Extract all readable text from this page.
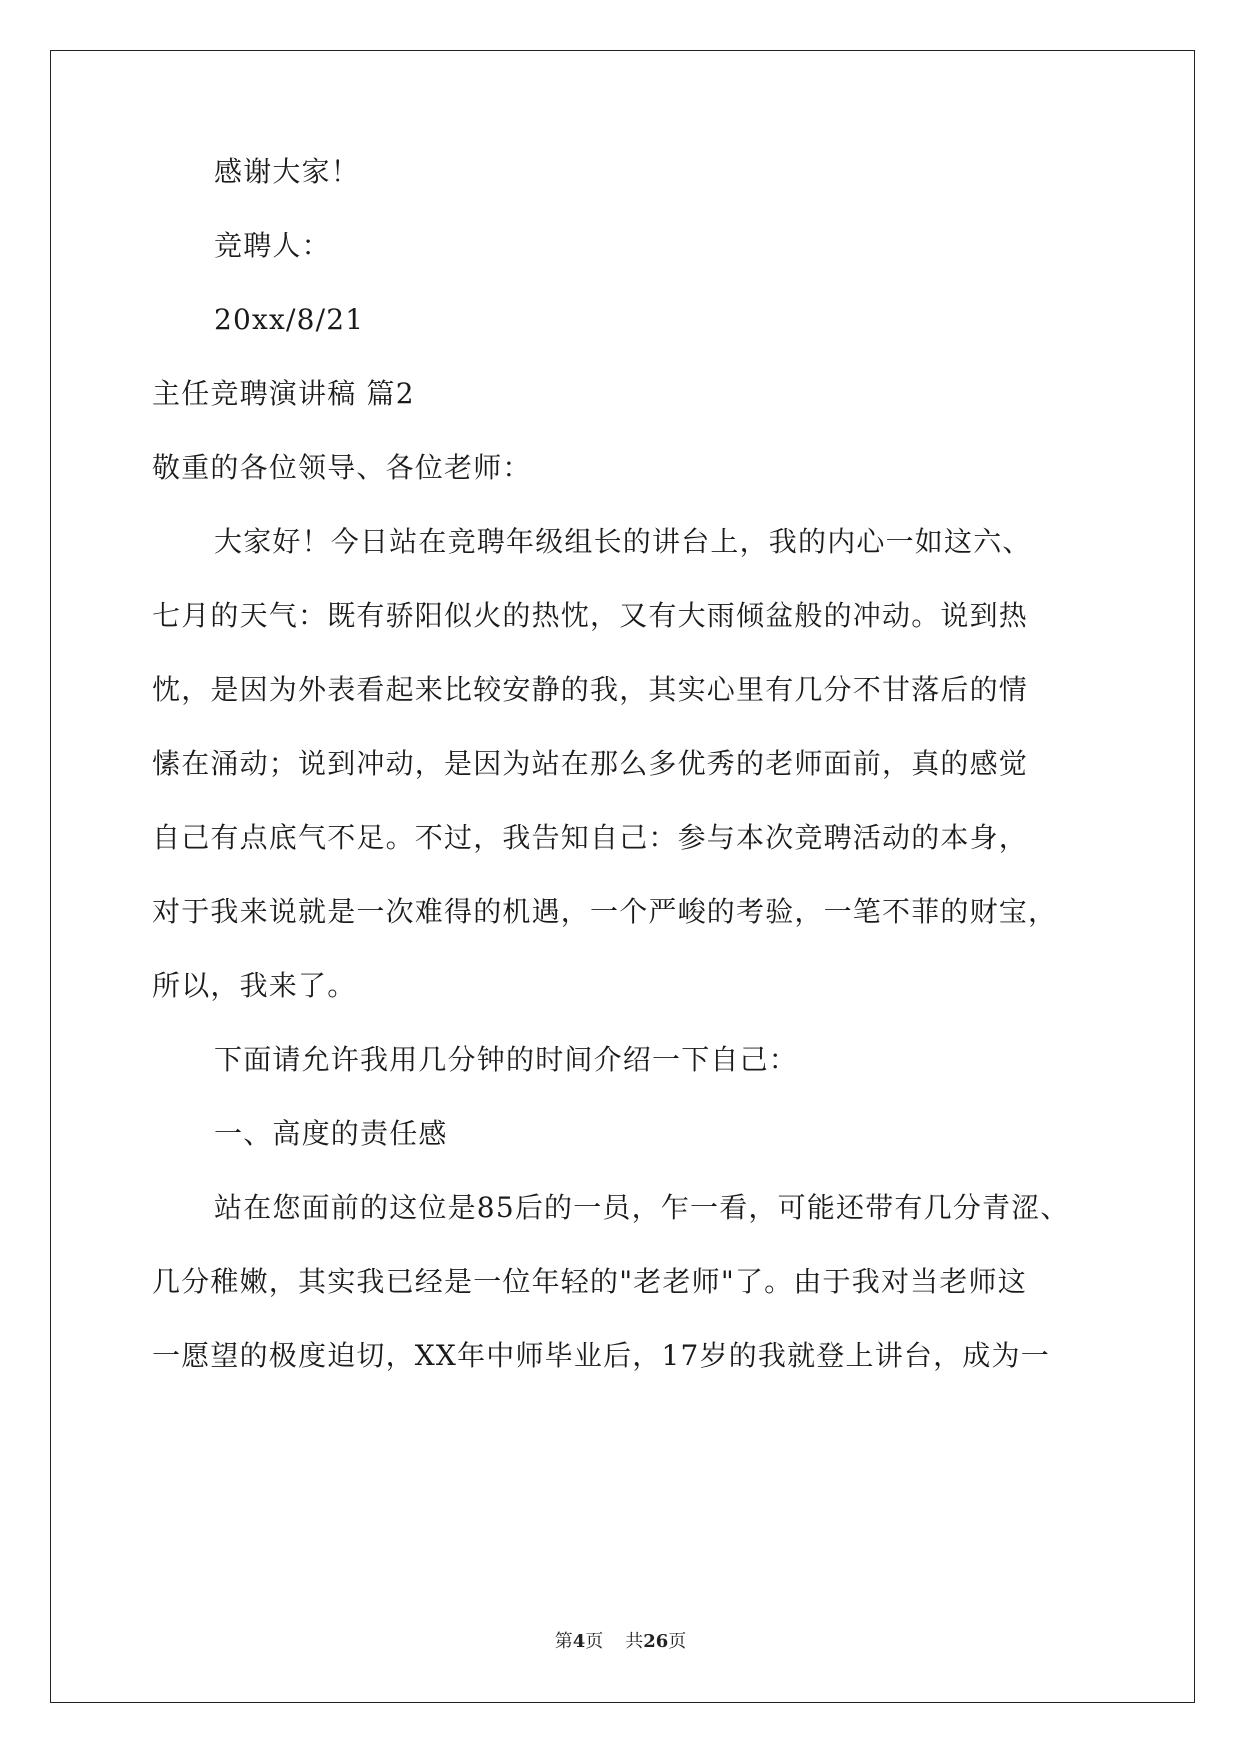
感谢大家！
竞聘人：
20xx/8/21
主任竞聘演讲稿 篇2
敬重的各位领导、各位老师：
大家好！今日站在竞聘年级组长的讲台上，我的内心一如这六、
七月的天气：既有骄阳似火的热忱，又有大雨倾盆般的冲动。说到热
忱，是因为外表看起来比较安静的我，其实心里有几分不甘落后的情
愫在涌动；说到冲动，是因为站在那么多优秀的老师面前，真的感觉
自己有点底气不足。不过，我告知自己：参与本次竞聘活动的本身，
对于我来说就是一次难得的机遇，一个严峻的考验，一笔不菲的财宝，
所以，我来了。
下面请允许我用几分钟的时间介绍一下自己：
一、高度的责任感
站在您面前的这位是85后的一员，乍一看，可能还带有几分青涩、
几分稚嫩，其实我已经是一位年轻的"老老师"了。由于我对当老师这
一愿望的极度迫切，XX年中师毕业后，17岁的我就登上讲台，成为一
第4页 共26页
